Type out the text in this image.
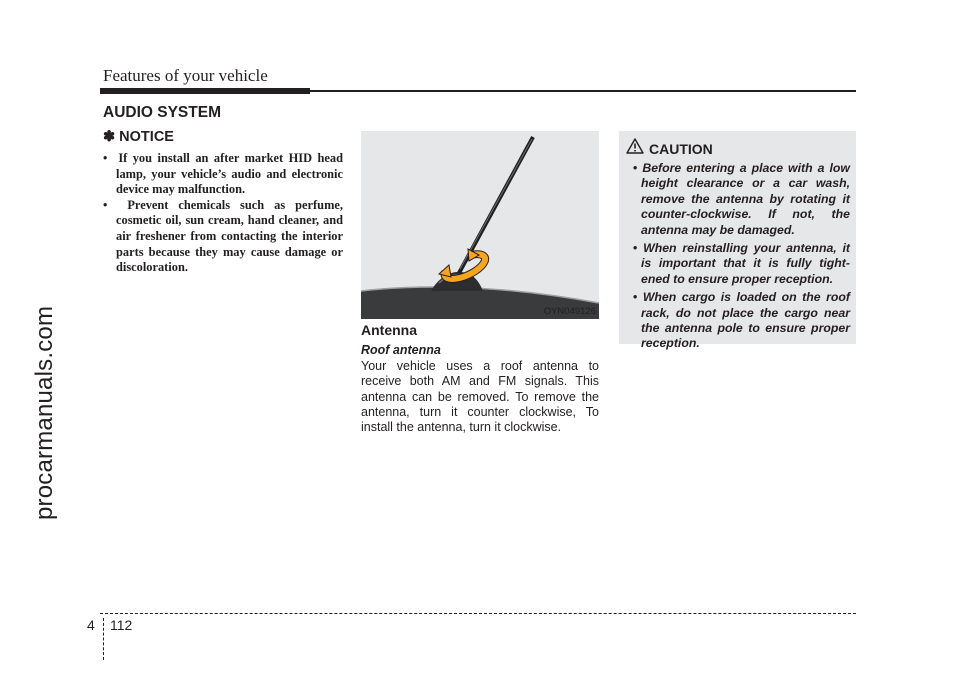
Features of your vehicle
AUDIO SYSTEM
procarmanuals.com
✽ NOTICE
•  If you install an after market HID head lamp, your vehicle’s audio and electronic device may malfunction.
•  Prevent chemicals such as perfume, cosmetic oil, sun cream, hand cleaner, and air freshener from contacting the interior parts because they may cause damage or discoloration.
OYN049126
Antenna
Roof antenna

Your vehicle uses a roof antenna to receive both AM and FM signals. This antenna can be removed. To remove the antenna, turn it counter clockwise, To install the antenna, turn it clockwise.

CAUTION
• Before entering a place with a low height clearance or a car wash, remove the antenna by rotating it counter-clockwise. If not, the antenna may be damaged.
• When reinstalling your antenna, it is important that it is fully tight- ened to ensure proper reception.
• When cargo is loaded on the roof rack, do not place the cargo near the antenna pole to ensure proper reception.
4 112
carmanualsonline.info
